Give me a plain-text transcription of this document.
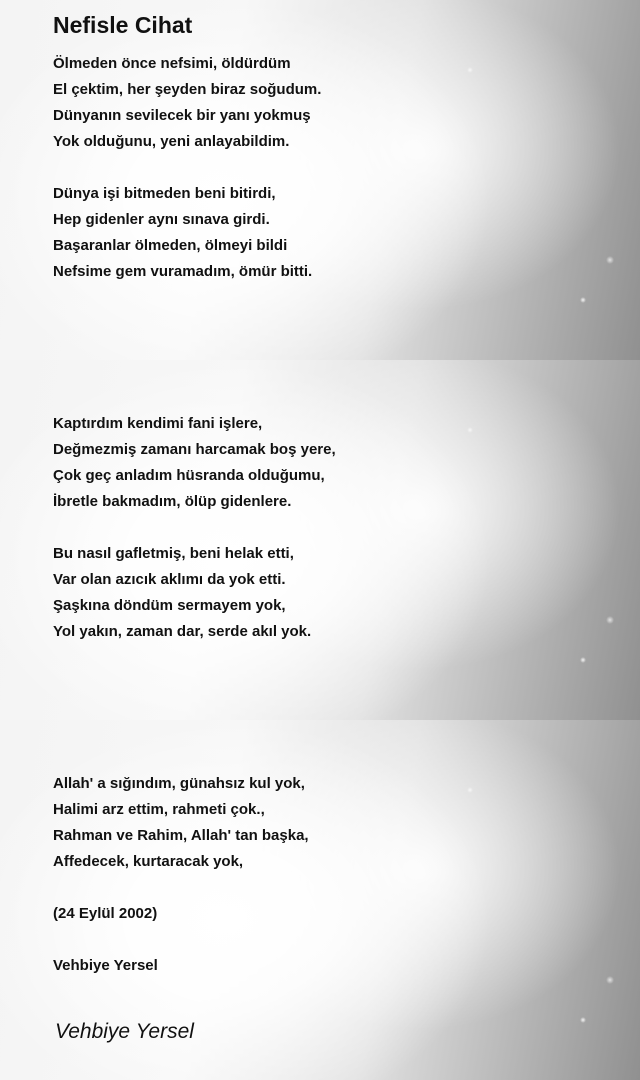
Nefisle Cihat
Ölmeden önce nefsimi, öldürdüm
El çektim, her şeyden biraz soğudum.
Dünyanın sevilecek bir yanı yokmuş
Yok olduğunu, yeni anlayabildim.
Dünya işi bitmeden beni bitirdi,
Hep gidenler aynı sınava girdi.
Başaranlar ölmeden, ölmeyi bildi
Nefsime gem vuramadım, ömür bitti.
Kaptırdım kendimi fani işlere,
Değmezmiş zamanı harcamak boş yere,
Çok geç anladım hüsranda olduğumu,
İbretle bakmadım, ölüp gidenlere.
Bu nasıl gafletmiş, beni helak etti,
Var olan azıcık aklımı da yok etti.
Şaşkına döndüm sermayem yok,
Yol yakın, zaman dar, serde akıl yok.
Allah' a sığındım, günahsız kul yok,
Halimi arz ettim, rahmeti çok.,
Rahman ve Rahim, Allah' tan başka,
Affedecek, kurtaracak yok,

(24 Eylül 2002)

Vehbiye Yersel

Vehbiye Yersel
